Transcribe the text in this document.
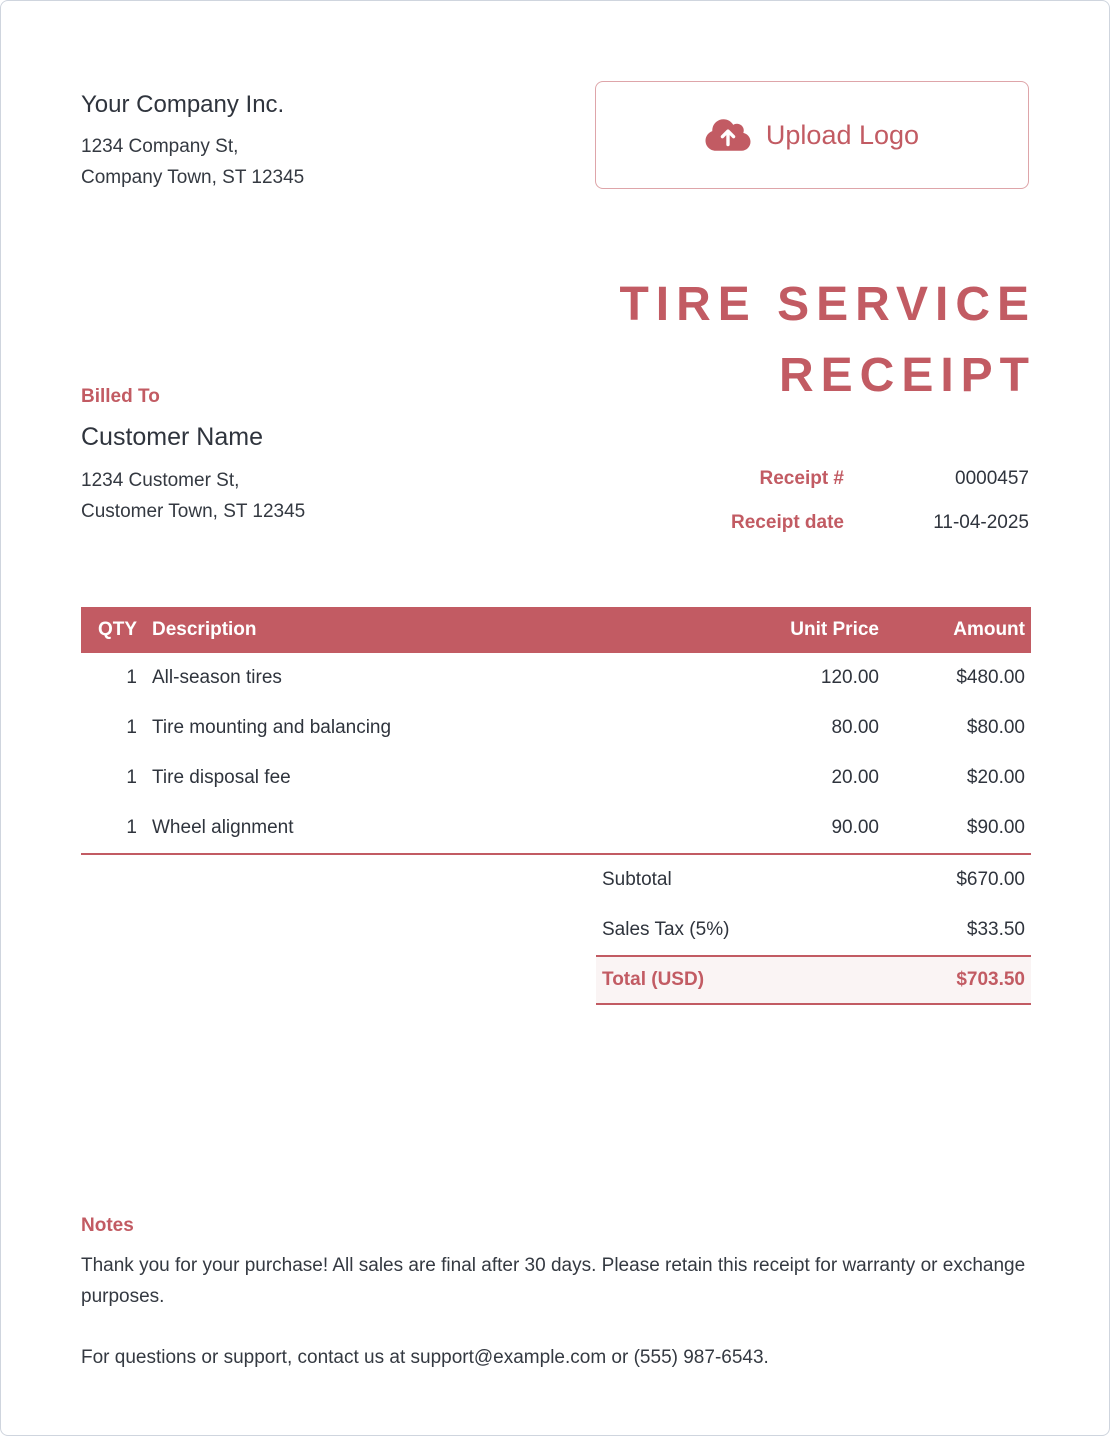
Your Company Inc.
1234 Company St,
Company Town, ST 12345
Upload Logo
Billed To
Customer Name
1234 Customer St,
Customer Town, ST 12345
TIRE SERVICE
RECEIPT
Receipt #	0000457
Receipt date	11-04-2025
QTY Description	Unit Price	Amount
1 All-season tires	120.00	$480.00
1 Tire mounting and balancing	80.00	$80.00
1 Tire disposal fee	20.00	$20.00
1 Wheel alignment	90.00	$90.00
Subtotal	$670.00
Sales Tax (5%)	$33.50
Total (USD)	$703.50
Notes
Thank you for your purchase! All sales are final after 30 days. Please retain this receipt for warranty or exchange purposes.
For questions or support, contact us at support@example.com or (555) 987-6543.
